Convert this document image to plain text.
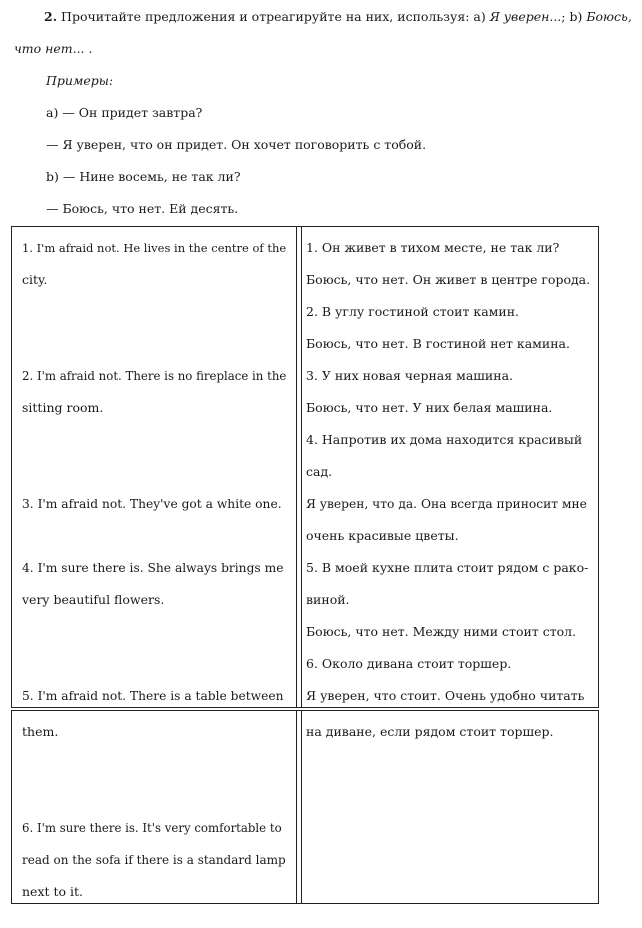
2. Прочитайте предложения и отреагируйте на них, используя: a) Я уверен...; b) Боюсь,
что нет... .
Примеры:
a) — Он придет завтра?
— Я уверен, что он придет. Он хочет поговорить с тобой.
b) — Нине восемь, не так ли?
— Боюсь, что нет. Ей десять.
1. I'm afraid not. He lives in the centre of the
city.
2. I'm afraid not. There is no fireplace in the
sitting room.
3. I'm afraid not. They've got a white one.
4. I'm sure there is. She always brings me
very beautiful flowers.
5. I'm afraid not. There is a table between
1. Он живет в тихом месте, не так ли?
Боюсь, что нет. Он живет в центре города.
2. В углу гостиной стоит камин.
Боюсь, что нет. В гостиной нет камина.
3. У них новая черная машина.
Боюсь, что нет. У них белая машина.
4. Напротив их дома находится красивый
сад.
Я уверен, что да. Она всегда приносит мне
очень красивые цветы.
5. В моей кухне плита стоит рядом с рако-
виной.
Боюсь, что нет. Между ними стоит стол.
6. Около дивана стоит торшер.
Я уверен, что стоит. Очень удобно читать
them.
6. I'm sure there is. It's very comfortable to
read on the sofa if there is a standard lamp
next to it.
на диване, если рядом стоит торшер.
